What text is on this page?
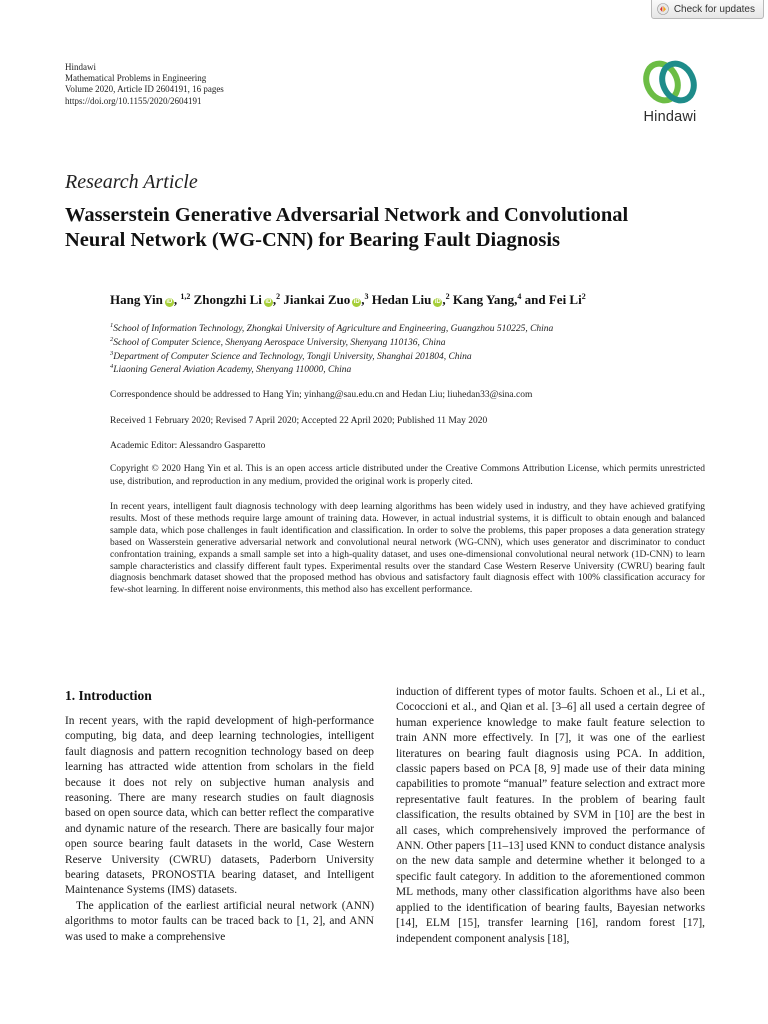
Check for updates
Hindawi
Mathematical Problems in Engineering
Volume 2020, Article ID 2604191, 16 pages
https://doi.org/10.1155/2020/2604191
Hindawi
Research Article
Wasserstein Generative Adversarial Network and Convolutional
Neural Network (WG-CNN) for Bearing Fault Diagnosis
Hang Yin iD , $^{1,2}$ Zhongzhi Li iD ,$^2$ Jiankai Zuo iD ,$^3$ Hedan Liu iD ,$^2$ Kang Yang,$^4$ and Fei Li$^2$
$^1$School of Information Technology, Zhongkai University of Agriculture and Engineering, Guangzhou 510225, China
$^2$School of Computer Science, Shenyang Aerospace University, Shenyang 110136, China
$^3$Department of Computer Science and Technology, Tongji University, Shanghai 201804, China
$^4$Liaoning General Aviation Academy, Shenyang 110000, China
Correspondence should be addressed to Hang Yin; yinhang@sau.edu.cn and Hedan Liu; liuhedan33@sina.com
Received 1 February 2020; Revised 7 April 2020; Accepted 22 April 2020; Published 11 May 2020
Academic Editor: Alessandro Gasparetto
Copyright © 2020 Hang Yin et al. This is an open access article distributed under the Creative Commons Attribution License, which permits unrestricted use, distribution, and reproduction in any medium, provided the original work is properly cited.
In recent years, intelligent fault diagnosis technology with deep learning algorithms has been widely used in industry, and they have achieved gratifying results. Most of these methods require large amount of training data. However, in actual industrial systems, it is difficult to obtain enough and balanced sample data, which pose challenges in fault identification and classification. In order to solve the problems, this paper proposes a data generation strategy based on Wasserstein generative adversarial network and convolutional neural network (WG-CNN), which uses generator and discriminator to conduct confrontation training, expands a small sample set into a high-quality dataset, and uses one-dimensional convolutional neural network (1D-CNN) to learn sample characteristics and classify different fault types. Experimental results over the standard Case Western Reserve University (CWRU) bearing fault diagnosis benchmark dataset showed that the proposed method has obvious and satisfactory fault diagnosis effect with 100% classification accuracy for few-shot learning. In different noise environments, this method also has excellent performance.
1. Introduction

In recent years, with the rapid development of high-performance computing, big data, and deep learning technologies, intelligent fault diagnosis and pattern recognition technology based on deep learning has attracted wide attention from scholars in the field because it does not rely on subjective human analysis and reasoning. There are many research studies on fault diagnosis based on open source data, which can better reflect the comparative and dynamic nature of the research. There are basically four major open source bearing fault datasets in the world, Case Western Reserve University (CWRU) datasets, Paderborn University bearing datasets, PRONOSTIA bearing dataset, and Intelligent Maintenance Systems (IMS) datasets.

The application of the earliest artificial neural network (ANN) algorithms to motor faults can be traced back to [1, 2], and ANN was used to make a comprehensive

induction of different types of motor faults. Schoen et al., Li et al., Cococcioni et al., and Qian et al. [3–6] all used a certain degree of human experience knowledge to make fault feature selection to train ANN more effectively. In [7], it was one of the earliest literatures on bearing fault diagnosis using PCA. In addition, classic papers based on PCA [8, 9] made use of their data mining capabilities to promote “manual” feature selection and extract more representative fault features. In the problem of bearing fault classification, the results obtained by SVM in [10] are the best in all cases, which comprehensively improved the performance of ANN. Other papers [11–13] used KNN to conduct distance analysis on the new data sample and determine whether it belonged to a specific fault category. In addition to the aforementioned common ML methods, many other classification algorithms have also been applied to the identification of bearing faults, Bayesian networks [14], ELM [15], transfer learning [16], random forest [17], independent component analysis [18],
